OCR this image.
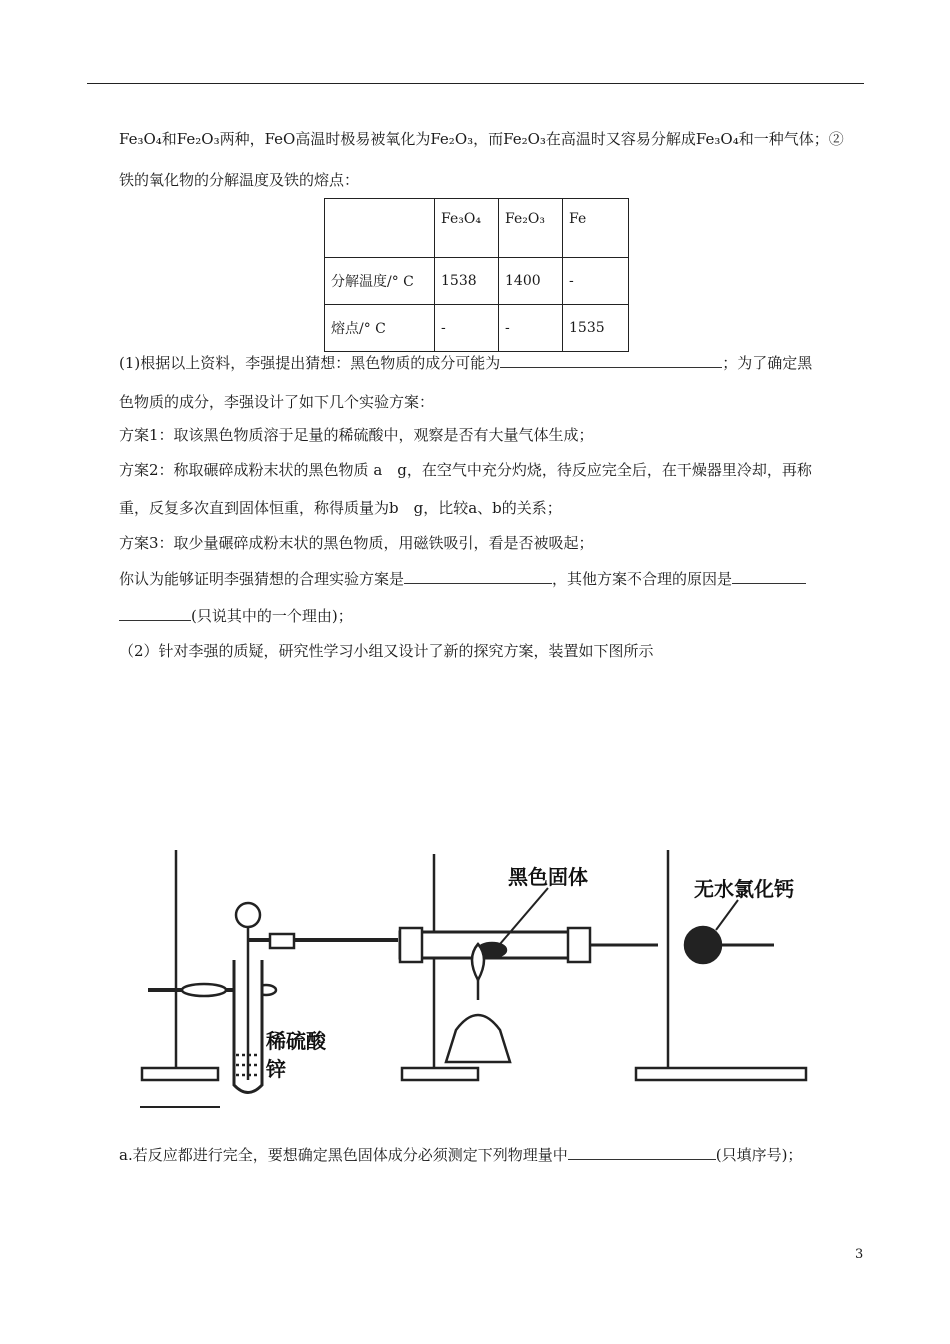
Fe₃O₄和Fe₂O₃两种，FeO高温时极易被氧化为Fe₂O₃，而Fe₂O₃在高温时又容易分解成Fe₃O₄和一种气体；②
铁的氧化物的分解温度及铁的熔点：
	Fe₃O₄	Fe₂O₃	Fe
分解温度/° C	1538	1400	-
熔点/° C	-	-	1535
(1)根据以上资料，李强提出猜想：黑色物质的成分可能为	；为了确定黑
色物质的成分，李强设计了如下几个实验方案：
方案1：取该黑色物质溶于足量的稀硫酸中，观察是否有大量气体生成；
方案2：称取碾碎成粉末状的黑色物质 a　g，在空气中充分灼烧，待反应完全后，在干燥器里冷却，再称
重，反复多次直到固体恒重，称得质量为b　g，比较a、b的关系；
方案3：取少量碾碎成粉末状的黑色物质，用磁铁吸引，看是否被吸起；
你认为能够证明李强猜想的合理实验方案是	，其他方案不合理的原因是
(只说其中的一个理由)；
（2）针对李强的质疑，研究性学习小组又设计了新的探究方案，装置如下图所示
黑色固体	无水氯化钙
稀硫酸
锌
a.若反应都进行完全，要想确定黑色固体成分必须测定下列物理量中	(只填序号)；
3
